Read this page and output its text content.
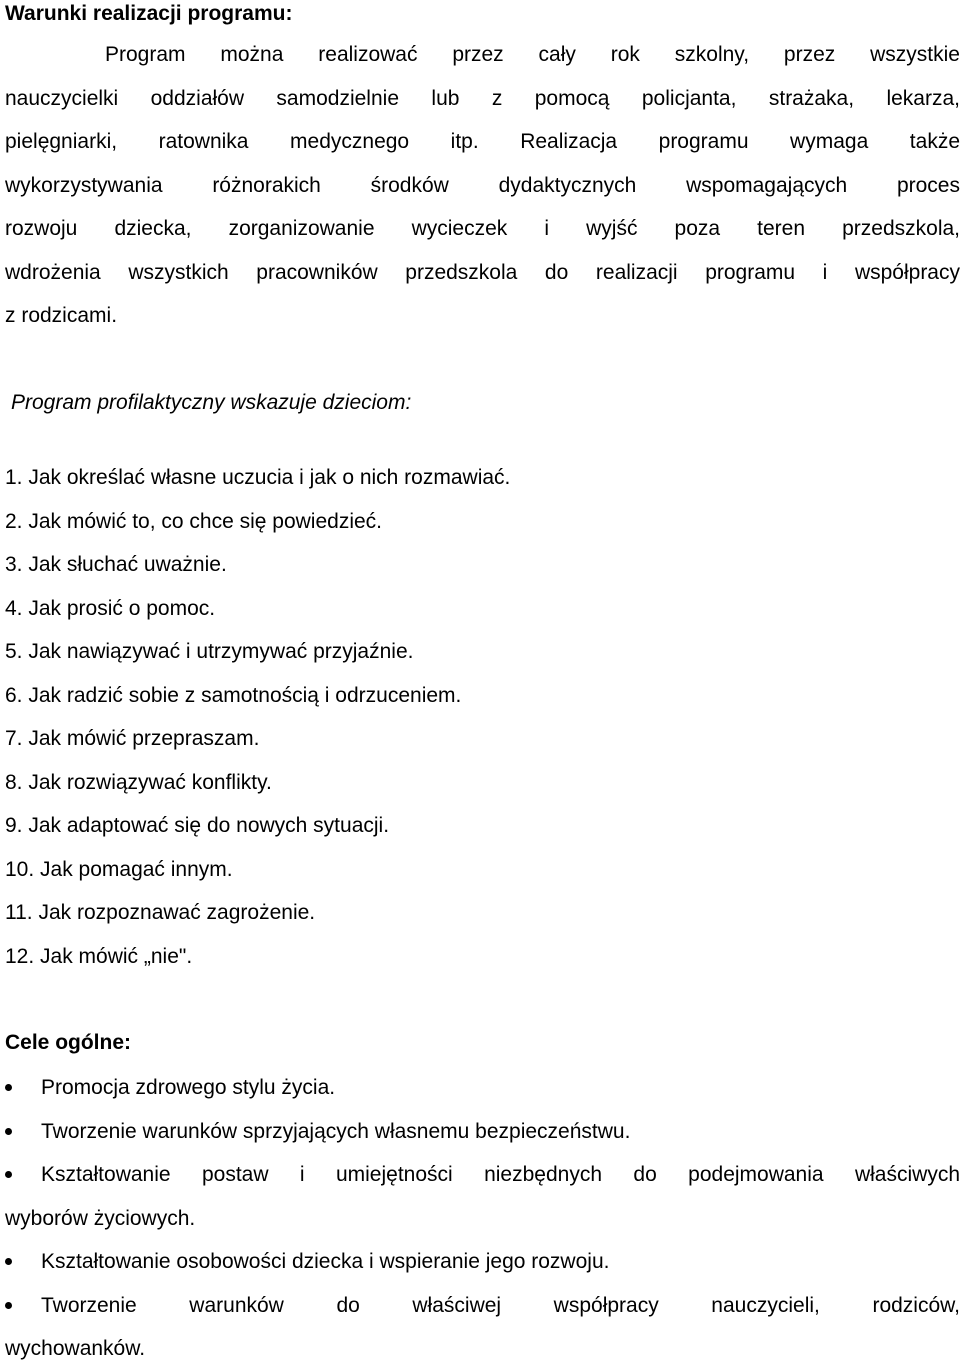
Warunki realizacji programu:
Program można realizować przez cały rok szkolny, przez wszystkie
nauczycielki oddziałów samodzielnie lub z pomocą policjanta, strażaka, lekarza,
pielęgniarki, ratownika medycznego itp. Realizacja programu wymaga także
wykorzystywania różnorakich środków dydaktycznych wspomagających proces
rozwoju dziecka, zorganizowanie wycieczek i wyjść poza teren przedszkola,
wdrożenia wszystkich pracowników przedszkola do realizacji programu i współpracy
z rodzicami.
Program profilaktyczny wskazuje dzieciom:
1. Jak określać własne uczucia i jak o nich rozmawiać.
2. Jak mówić to, co chce się powiedzieć.
3. Jak słuchać uważnie.
4. Jak prosić o pomoc.
5. Jak nawiązywać i utrzymywać przyjaźnie.
6. Jak radzić sobie z samotnością i odrzuceniem.
7. Jak mówić przepraszam.
8. Jak rozwiązywać konflikty.
9. Jak adaptować się do nowych sytuacji.
10. Jak pomagać innym.
11. Jak rozpoznawać zagrożenie.
12. Jak mówić „nie".
Cele ogólne:
Promocja zdrowego stylu życia.
Tworzenie warunków sprzyjających własnemu bezpieczeństwu.
Kształtowanie postaw i umiejętności niezbędnych do podejmowania właściwych
wyborów życiowych.
Kształtowanie osobowości dziecka i wspieranie jego rozwoju.
Tworzenie warunków do właściwej współpracy nauczycieli, rodziców,
wychowanków.
